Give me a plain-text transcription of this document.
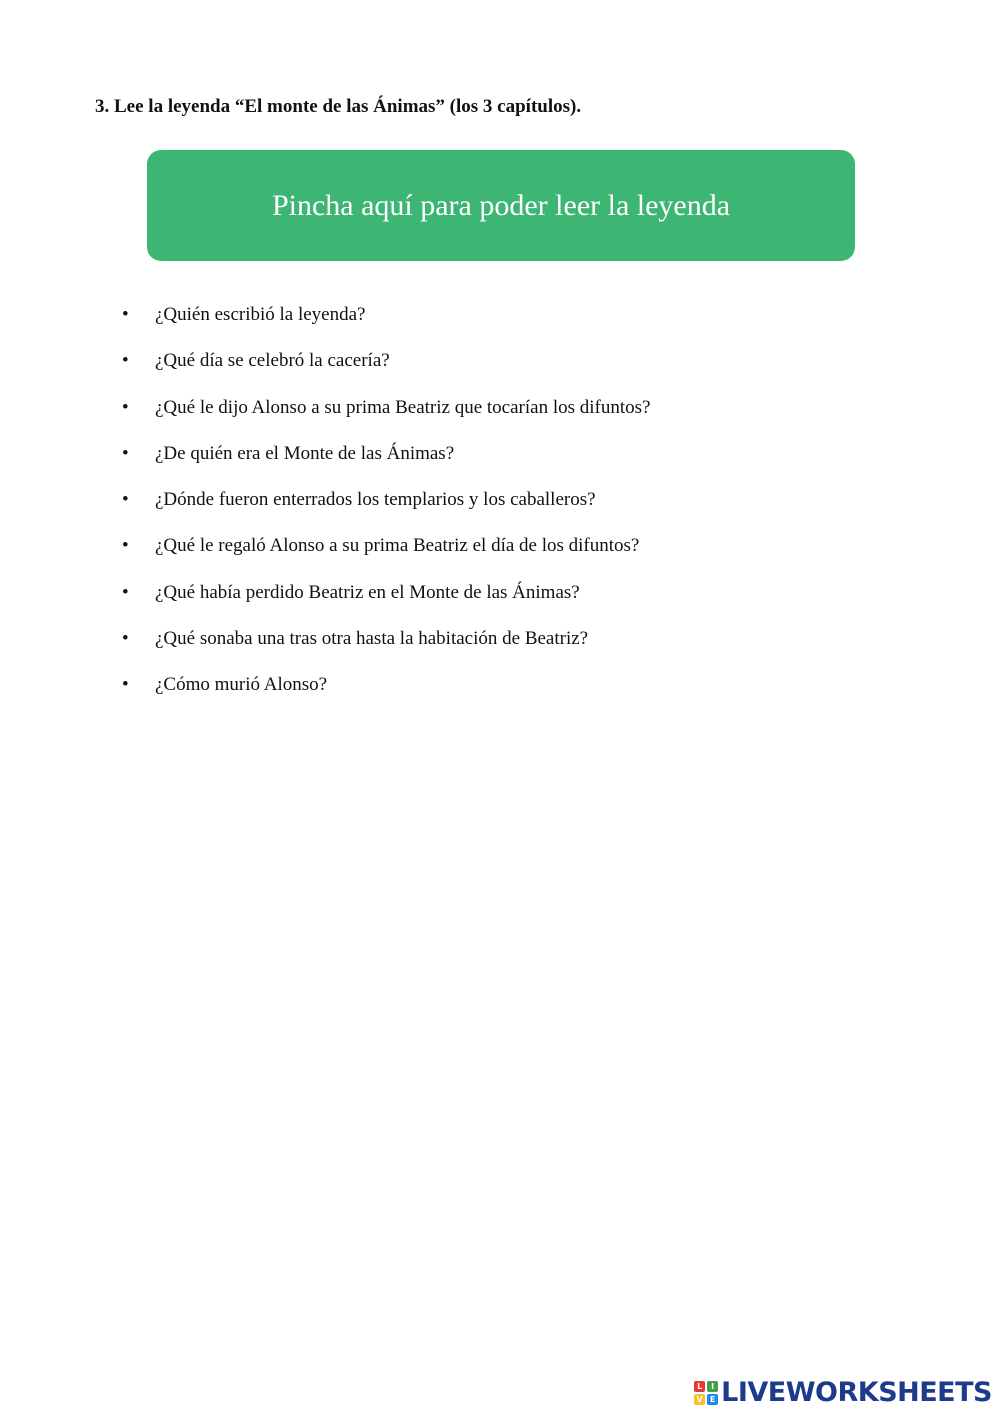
3. Lee la leyenda “El monte de las Ánimas” (los 3 capítulos).
Pincha aquí para poder leer la leyenda
• ¿Quién escribió la leyenda?
• ¿Qué día se celebró la cacería?
• ¿Qué le dijo Alonso a su prima Beatriz que tocarían los difuntos?
• ¿De quién era el Monte de las Ánimas?
• ¿Dónde fueron enterrados los templarios y los caballeros?
• ¿Qué le regaló Alonso a su prima Beatriz el día de los difuntos?
• ¿Qué había perdido Beatriz en el Monte de las Ánimas?
• ¿Qué sonaba una tras otra hasta la habitación de Beatriz?
• ¿Cómo murió Alonso?
L	I
V E LIVEWORKSHEETS
